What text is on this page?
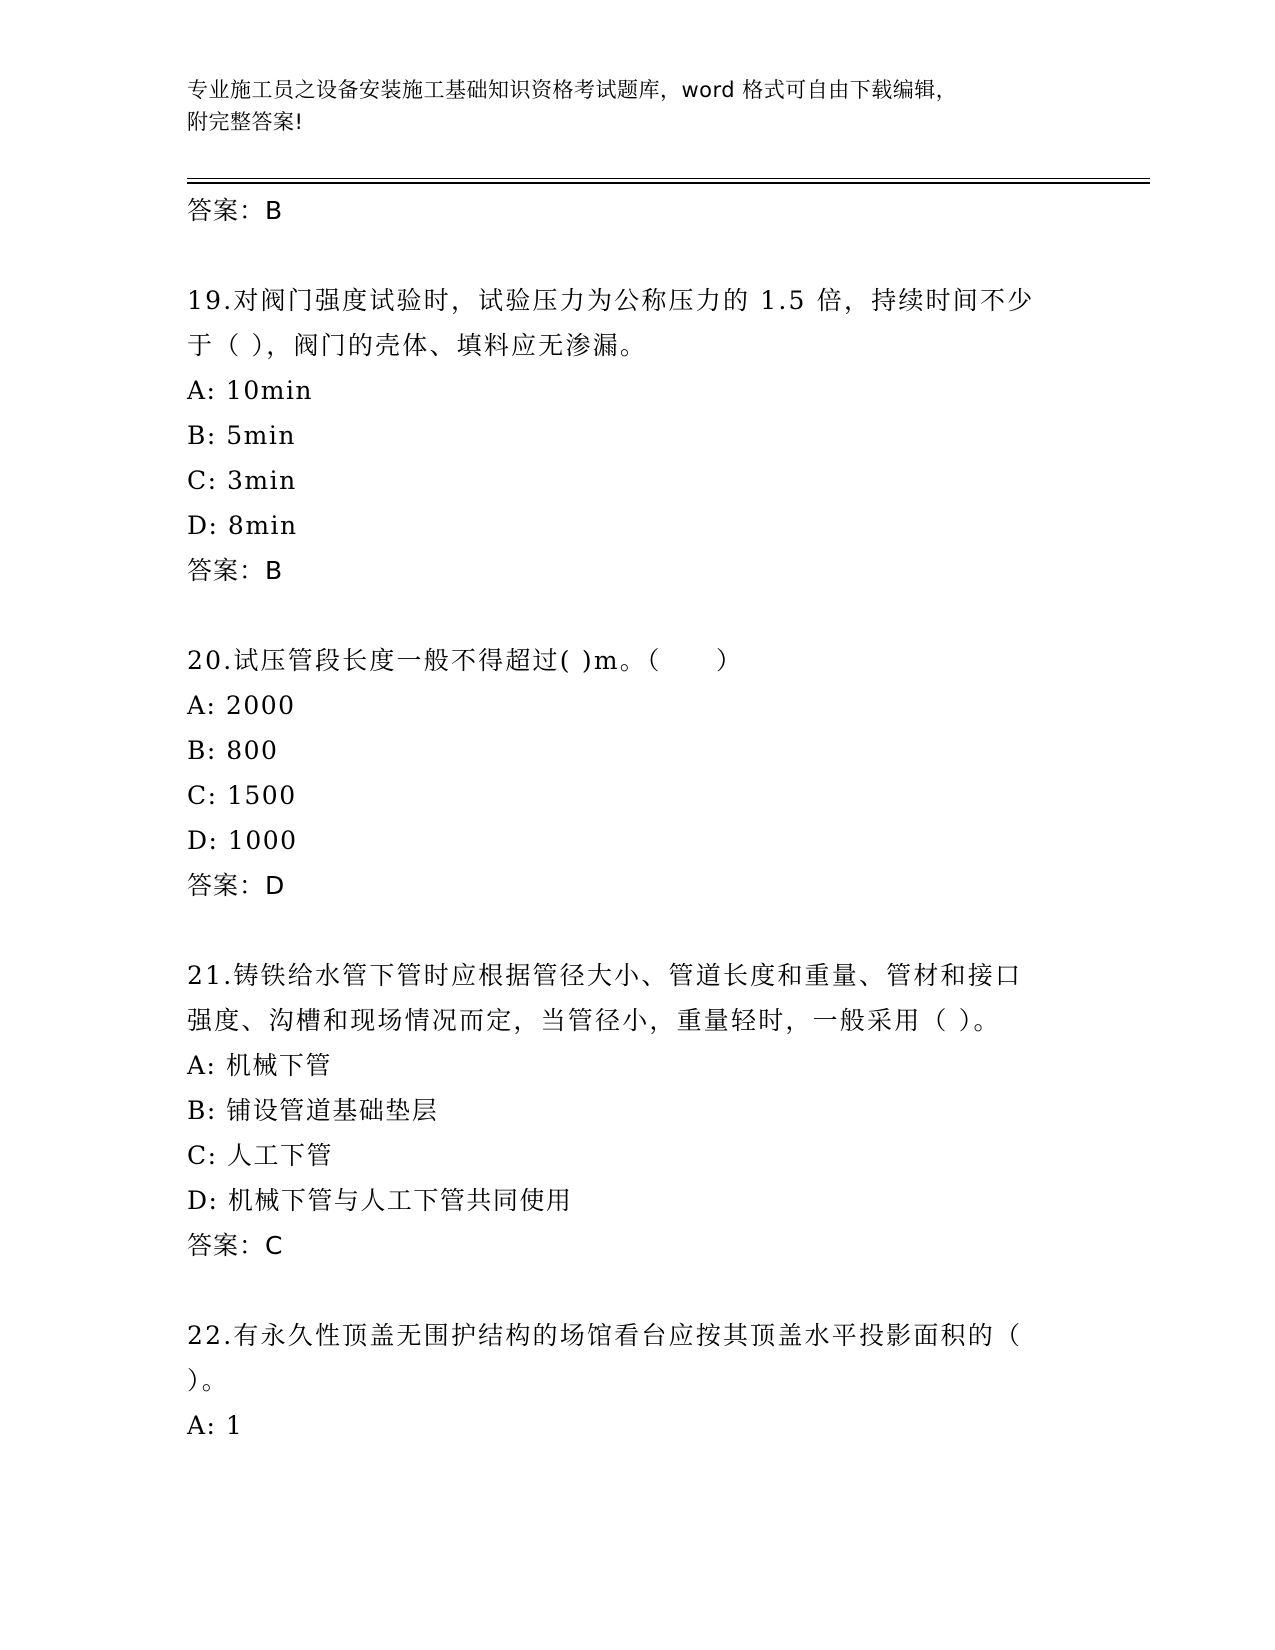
专业施工员之设备安装施工基础知识资格考试题库，word 格式可自由下载编辑，
附完整答案!
答案：B
19.对阀门强度试验时，试验压力为公称压力的 1.5 倍，持续时间不少
于（ ），阀门的壳体、填料应无渗漏。
A: 10min
B: 5min
C: 3min
D: 8min
答案：B
20.试压管段长度一般不得超过( )m。（　　）
A: 2000
B: 800
C: 1500
D: 1000
答案：D
21.铸铁给水管下管时应根据管径大小、管道长度和重量、管材和接口
强度、沟槽和现场情况而定，当管径小，重量轻时，一般采用（ ）。
A: 机械下管
B: 铺设管道基础垫层
C: 人工下管
D: 机械下管与人工下管共同使用
答案：C
22.有永久性顶盖无围护结构的场馆看台应按其顶盖水平投影面积的（
）。
A: 1
